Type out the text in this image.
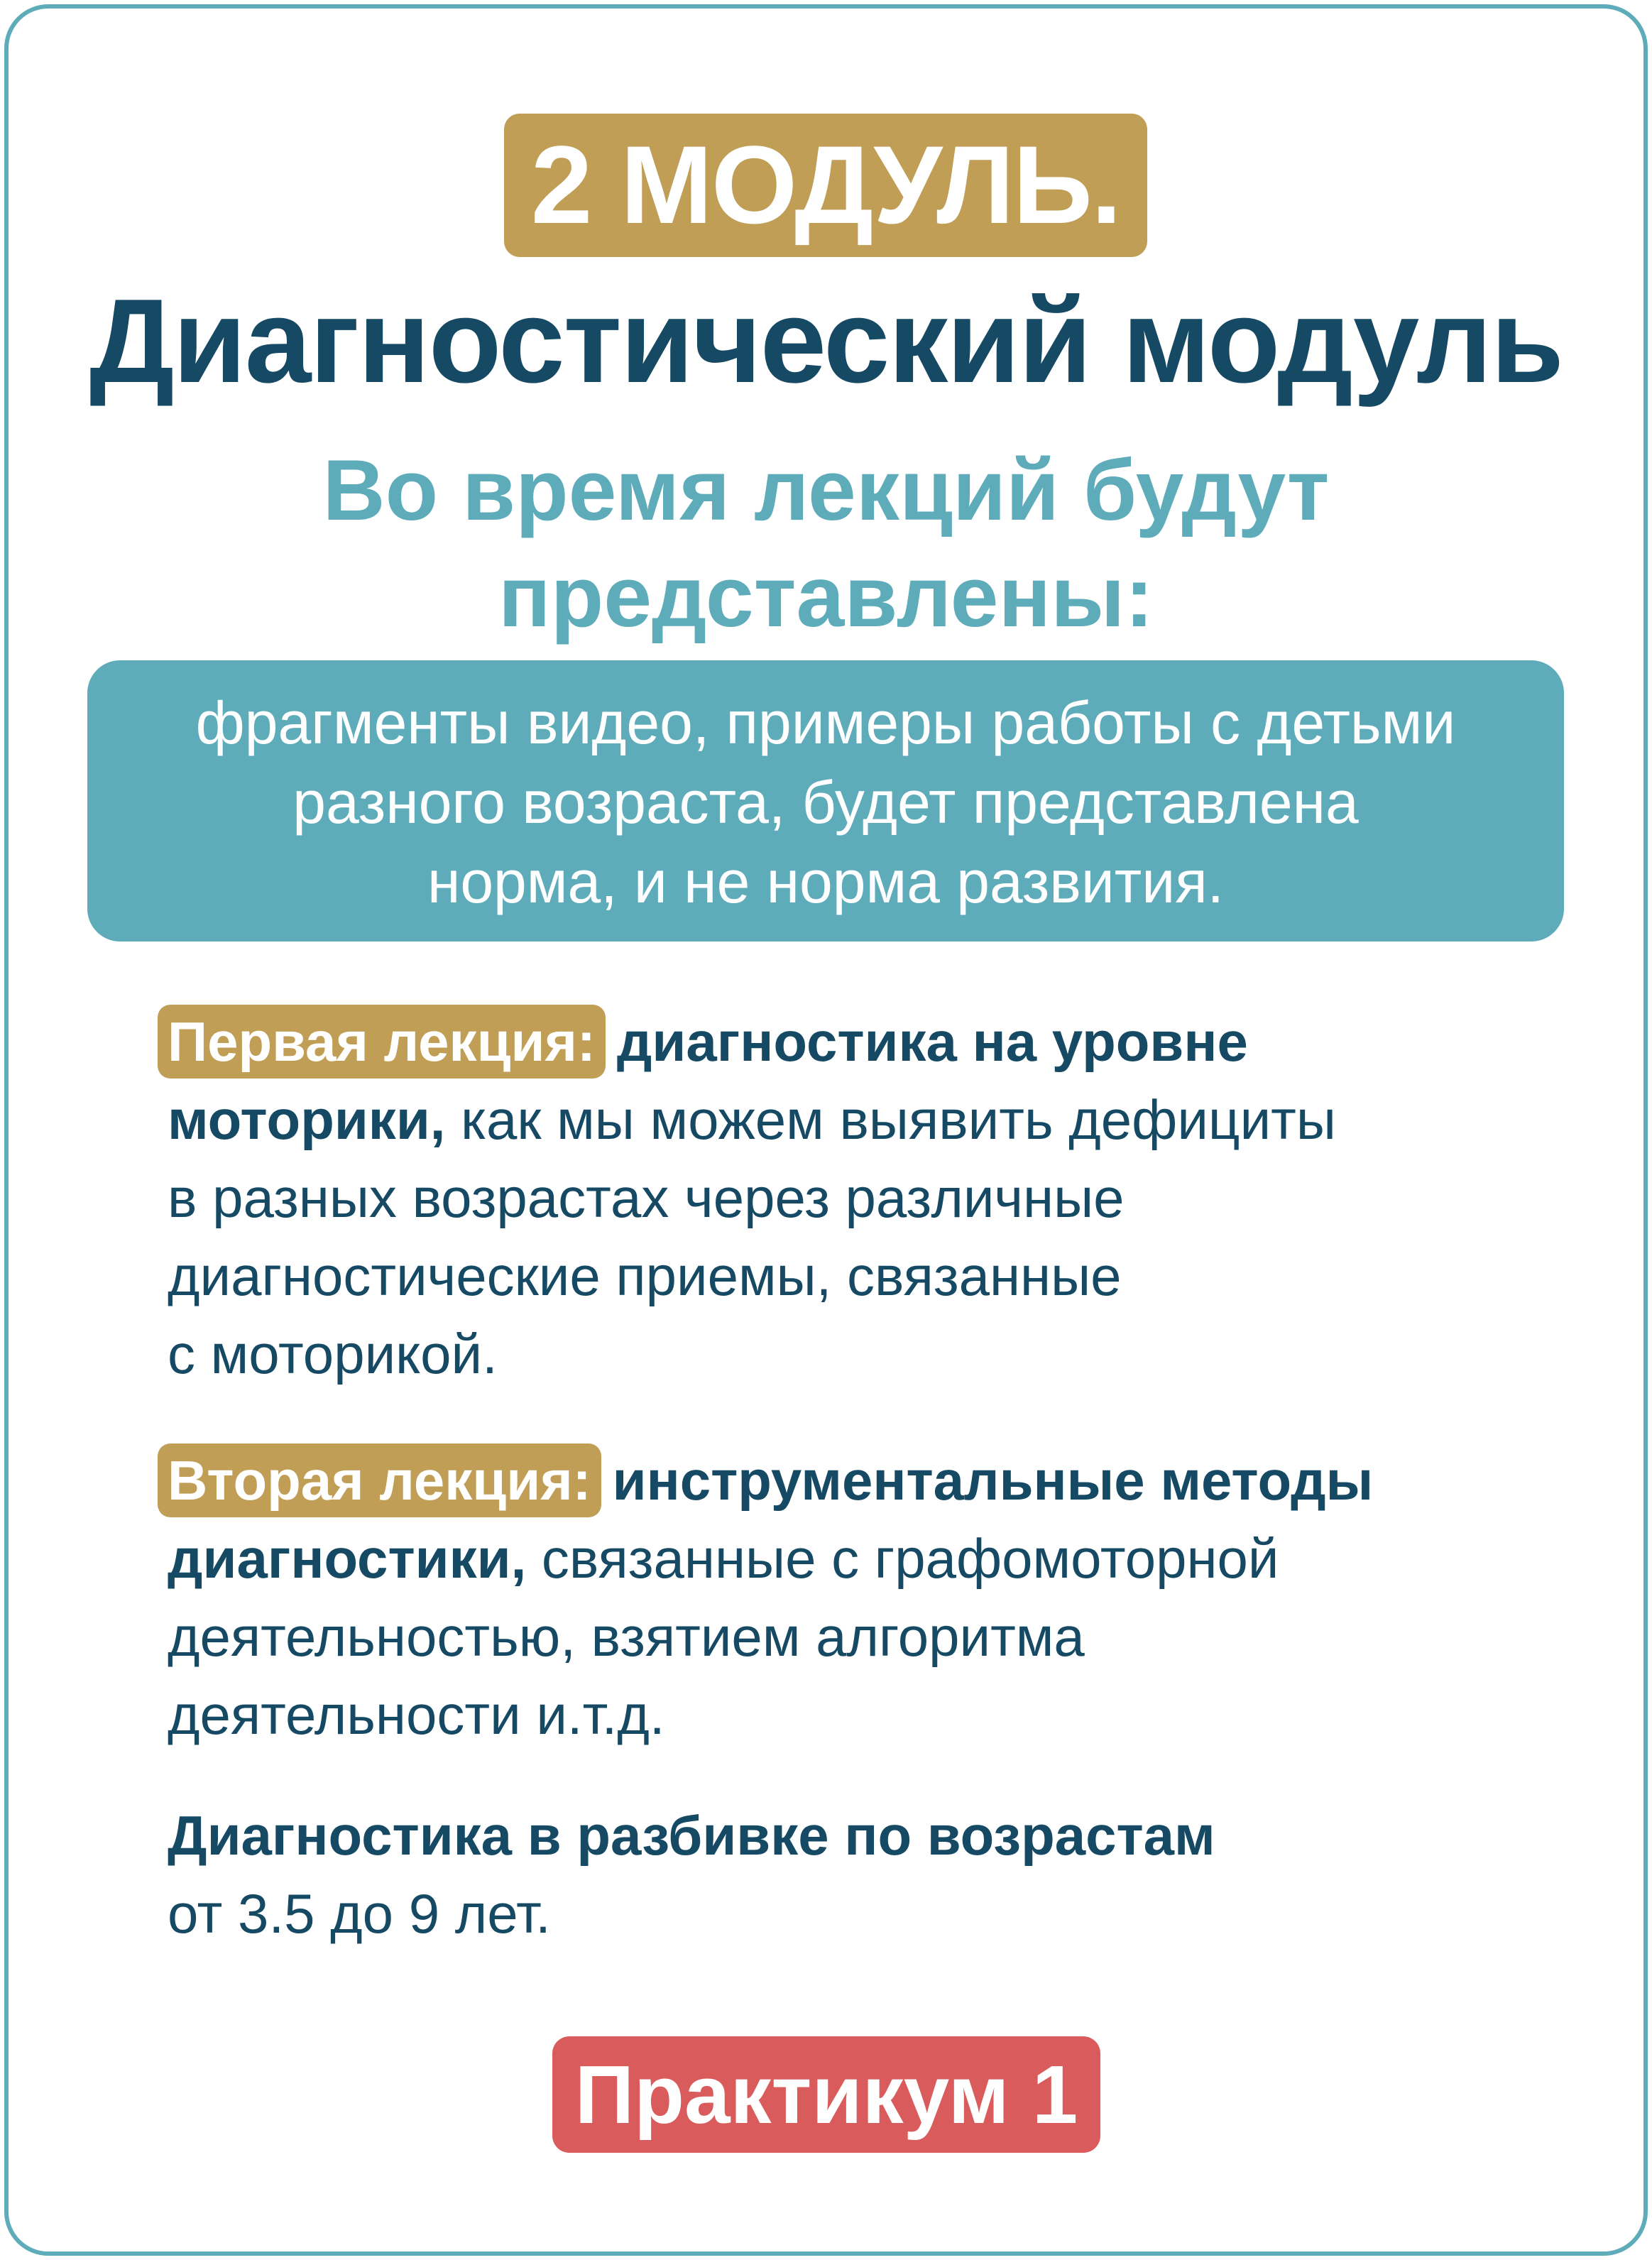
2 МОДУЛЬ.
Диагностический модуль
Во время лекций будут
представлены:
фрагменты видео, примеры работы с детьми
разного возраста, будет представлена
норма, и не норма развития.
Первая лекция: диагностика на уровне
моторики, как мы можем выявить дефициты
в разных возрастах через различные
диагностические приемы, связанные
с моторикой.
Вторая лекция: инструментальные методы
диагностики, связанные с графомоторной
деятельностью, взятием алгоритма
деятельности и.т.д.
Диагностика в разбивке по возрастам
от 3.5 до 9 лет.
Практикум 1
